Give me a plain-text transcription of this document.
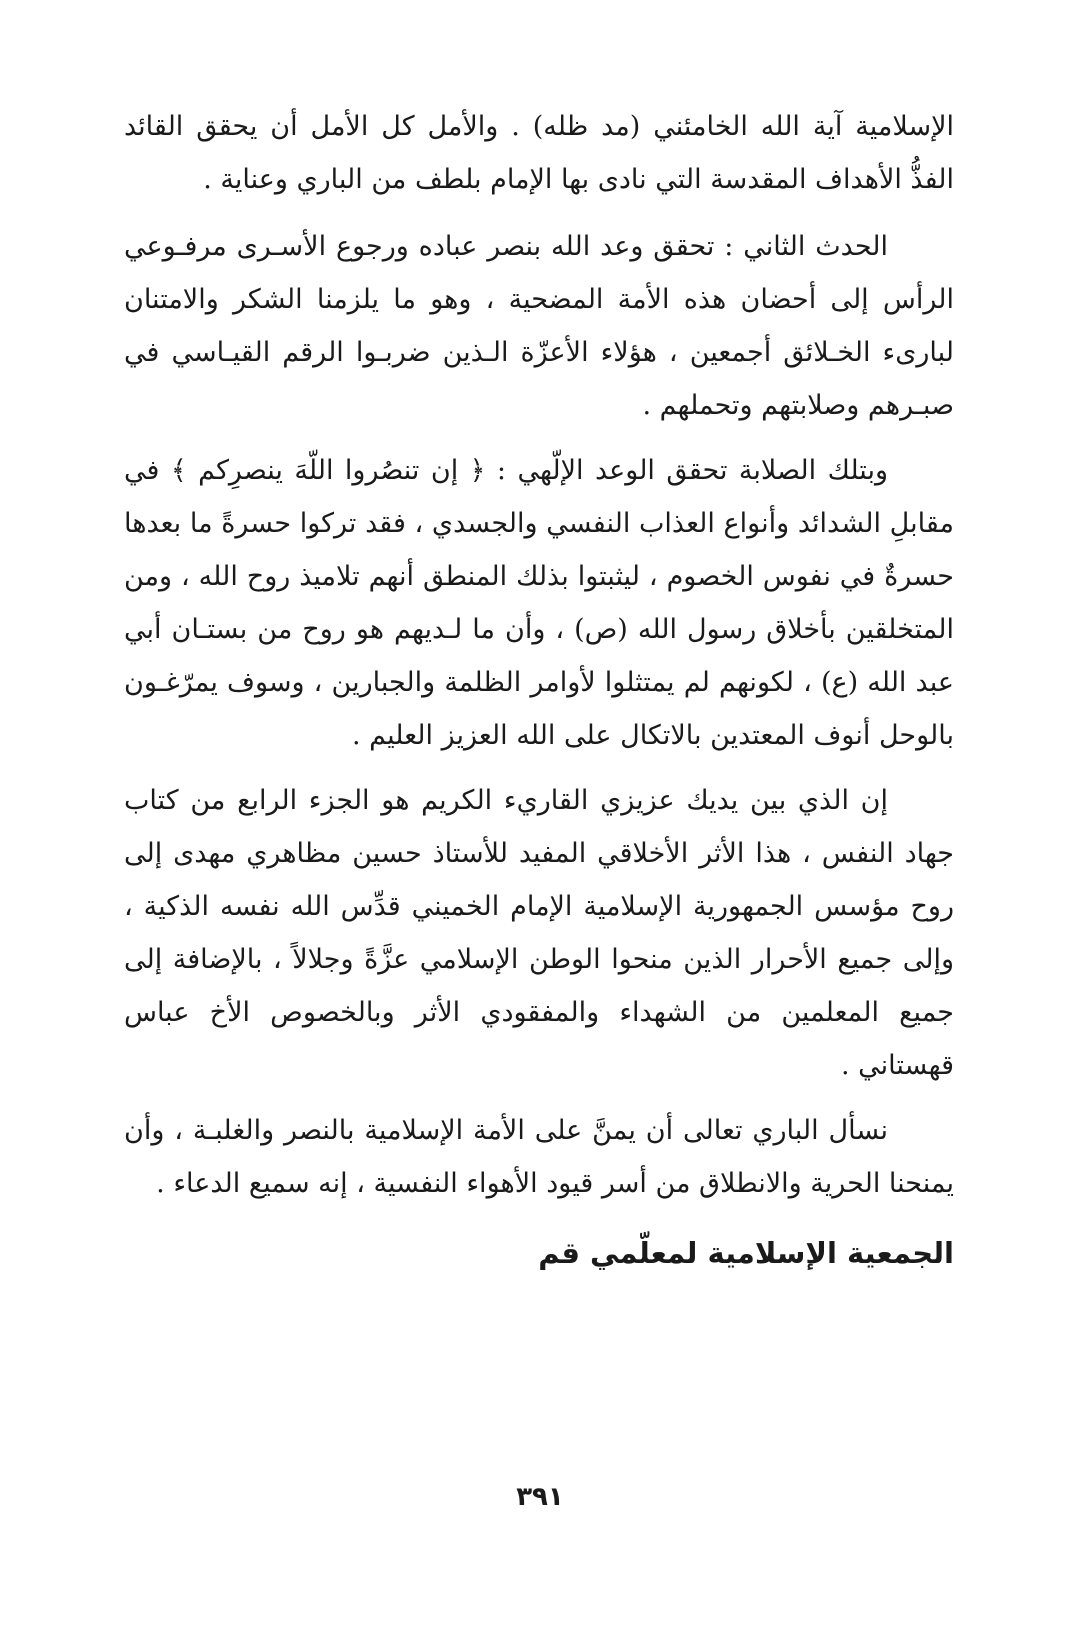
الإسلامية آية الله الخامئني (مد ظله) . والأمل كل الأمل أن يحقق القائد الفذُّ الأهداف المقدسة التي نادى بها الإمام بلطف من الباري وعناية .

الحدث الثاني : تحقق وعد الله بنصر عباده ورجوع الأسـرى مرفـوعي الرأس إلى أحضان هذه الأمة المضحية ، وهو ما يلزمنا الشكر والامتنان لبارىء الخـلائق أجمعين ، هؤلاء الأعزّة الـذين ضربـوا الرقم القيـاسي في صبـرهم وصلابتهم وتحملهم .

وبتلك الصلابة تحقق الوعد الإلّهي : ﴿ إن تنصُروا اللّهَ ينصرِكم ﴾ في مقابلِ الشدائد وأنواع العذاب النفسي والجسدي ، فقد تركوا حسرةً ما بعدها حسرةٌ في نفوس الخصوم ، ليثبتوا بذلك المنطق أنهم تلاميذ روح الله ، ومن المتخلقين بأخلاق رسول الله (ص) ، وأن ما لـديهم هو روح من بستـان أبي عبد الله (ع) ، لكونهم لم يمتثلوا لأوامر الظلمة والجبارين ، وسوف يمرّغـون بالوحل أنوف المعتدين بالاتكال على الله العزيز العليم .

إن الذي بين يديك عزيزي القاريء الكريم هو الجزء الرابع من كتاب جهاد النفس ، هذا الأثر الأخلاقي المفيد للأستاذ حسين مظاهري مهدى إلى روح مؤسس الجمهورية الإسلامية الإمام الخميني قدِّس الله نفسه الذكية ، وإلى جميع الأحرار الذين منحوا الوطن الإسلامي عزَّةً وجلالاً ، بالإضافة إلى جميع المعلمين من الشهداء والمفقودي الأثر وبالخصوص الأخ عباس قهستاني .

نسأل الباري تعالى أن يمنَّ على الأمة الإسلامية بالنصر والغلبـة ، وأن يمنحنا الحرية والانطلاق من أسر قيود الأهواء النفسية ، إنه سميع الدعاء .

الجمعية الإسلامية لمعلّمي قم
٣٩١
